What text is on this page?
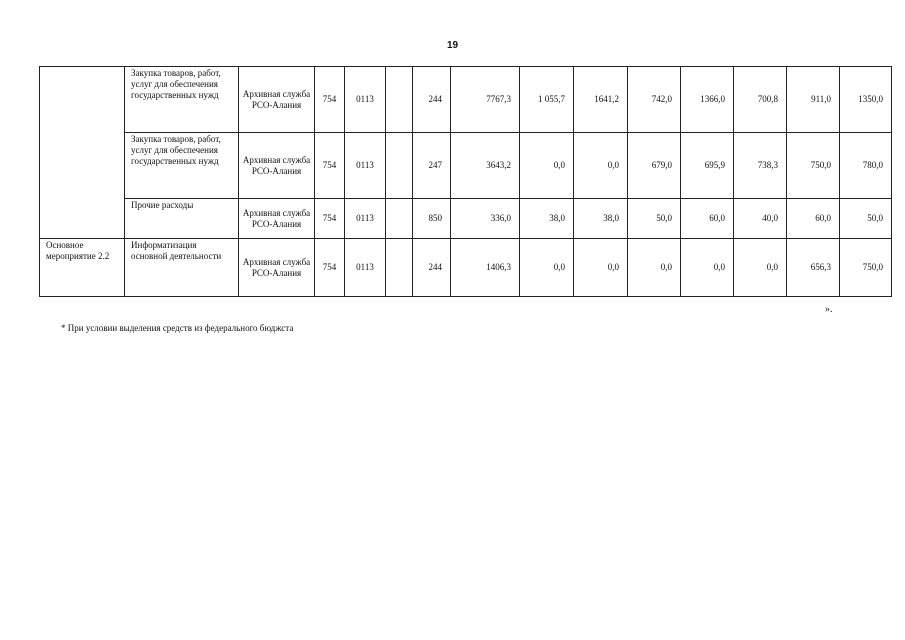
19
	Закупка товаров, работ, услуг для обеспечения государственных нужд	Архивная служба РСО-Алания	754	0113		244	7767,3	1 055,7	1641,2	742,0	1366,0	700,8	911,0	1350,0
	Закупка товаров, работ, услуг для обеспечения государственных нужд	Архивная служба РСО-Алания	754	0113		247	3643,2	0,0	0,0	679,0	695,9	738,3	750,0	780,0
	Прочие расходы	Архивная служба РСО-Алания	754	0113		850	336,0	38,0	38,0	50,0	60,0	40,0	60,0	50,0
Основное мероприятие 2.2	Информатизация основной деятельности	Архивная служба РСО-Алания	754	0113		244	1406,3	0,0	0,0	0,0	0,0	0,0	656,3	750,0
».
* При условии выделения средств из федерального бюджста
